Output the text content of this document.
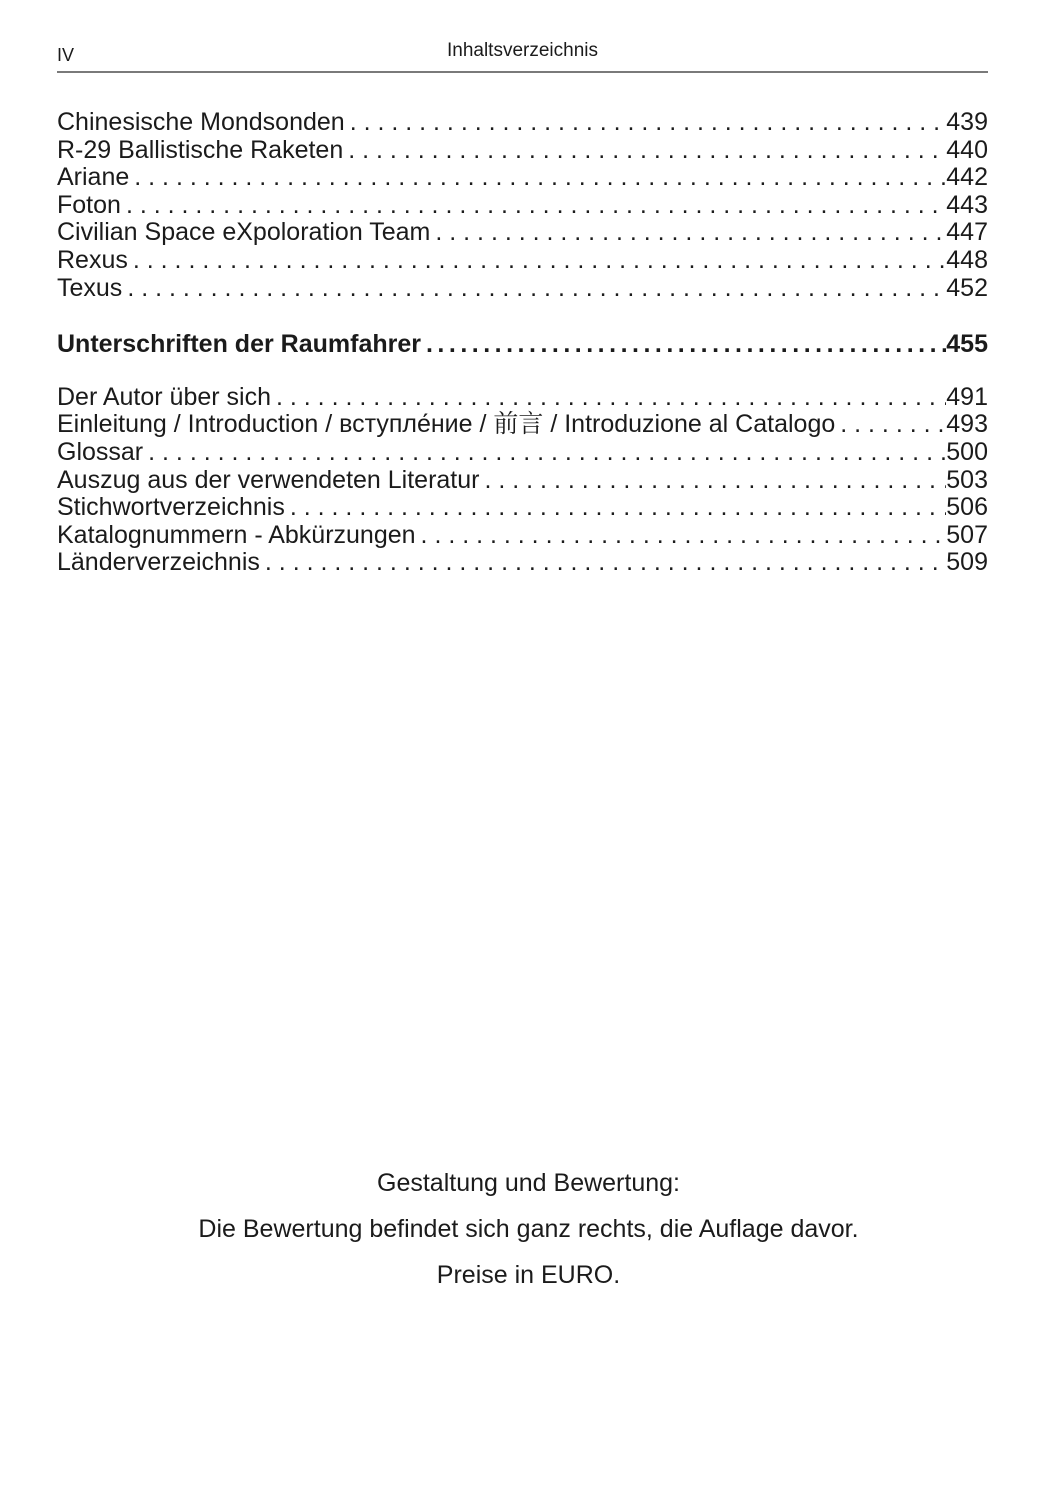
IV	Inhaltsverzeichnis
Chinesische Mondsonden . . .	439
R-29 Ballistische Raketen . . .	440
Ariane . . .	442
Foton . . .	443
Civilian Space eXpoloration Team . . .	447
Rexus . . .	448
Texus . . .	452
Unterschriften der Raumfahrer .....	455
Der Autor über sich . . .	491
Einleitung / Introduction / вступле́ние / 前言 / Introduzione al Catalogo . . .	493
Glossar . . .	500
Auszug aus der verwendeten Literatur . . .	503
Stichwortverzeichnis . . .	506
Katalognummern - Abkürzungen . . .	507
Länderverzeichnis . . .	509
Gestaltung und Bewertung:
Die Bewertung befindet sich ganz rechts, die Auflage davor.
Preise in EURO.
